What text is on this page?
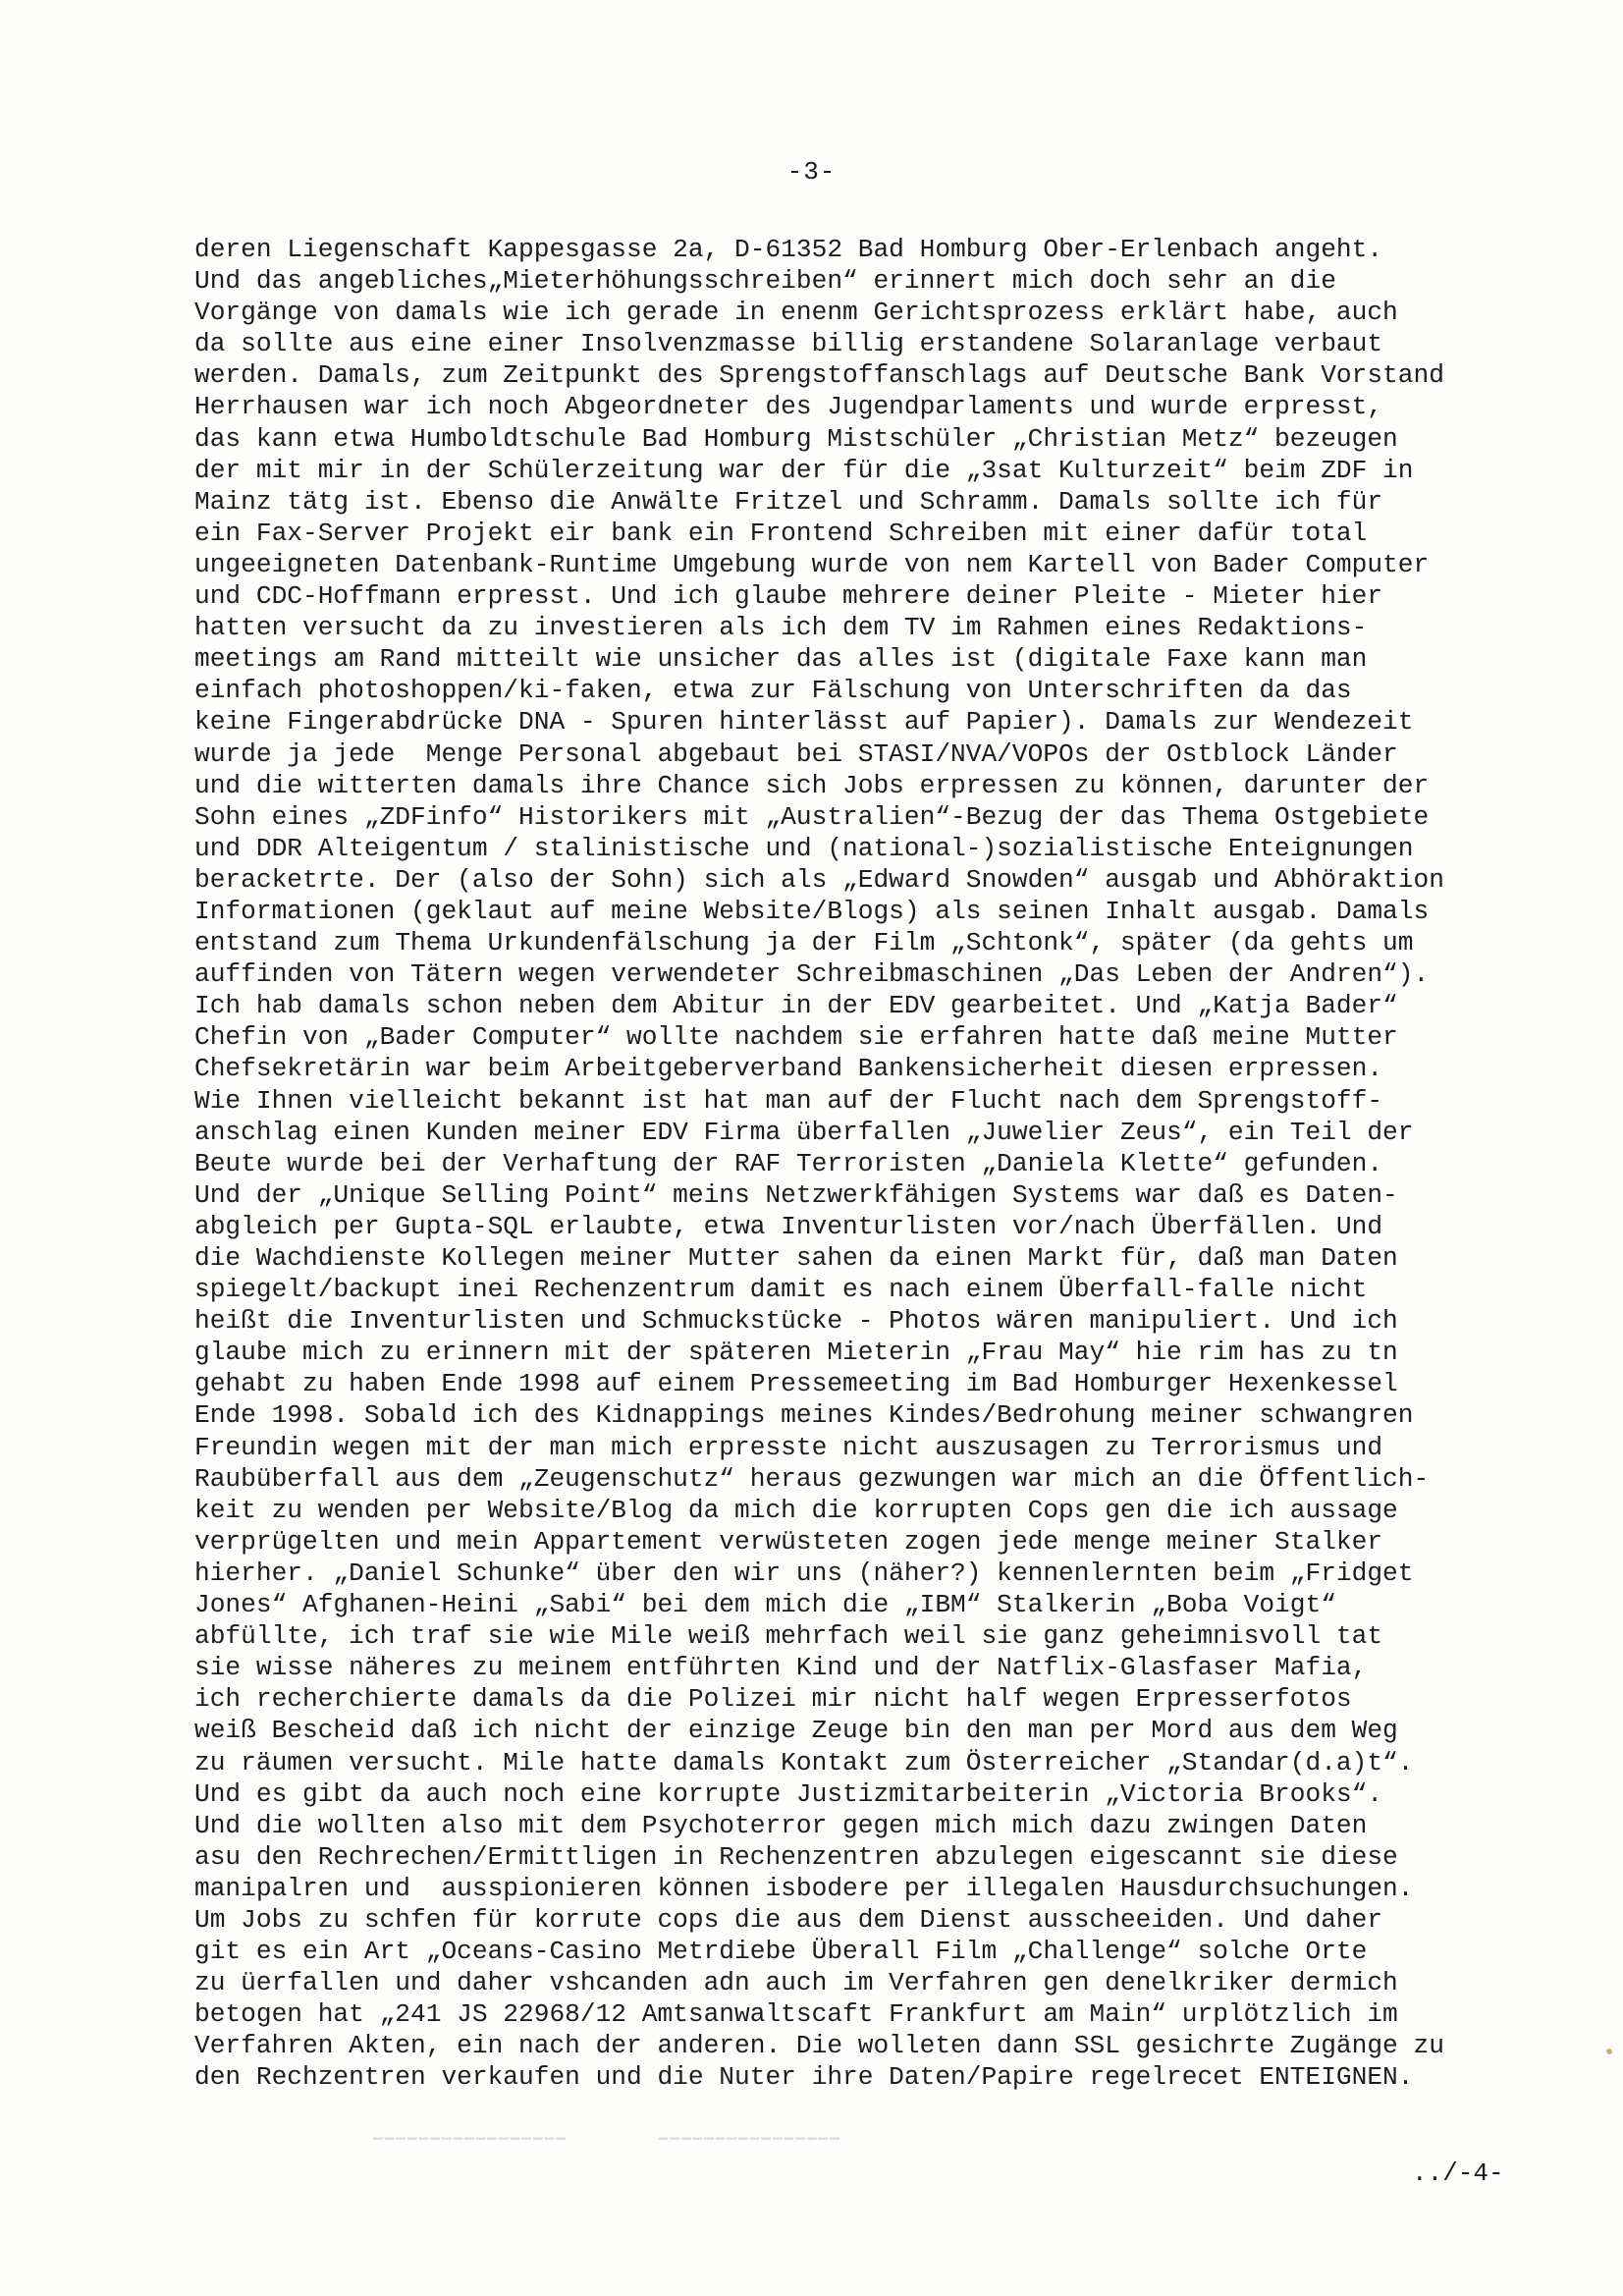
-3-
deren Liegenschaft Kappesgasse 2a, D-61352 Bad Homburg Ober-Erlenbach angeht.
Und das angebliches„Mieterhöhungsschreiben“ erinnert mich doch sehr an die
Vorgänge von damals wie ich gerade in enenm Gerichtsprozess erklärt habe, auch
da sollte aus eine einer Insolvenzmasse billig erstandene Solaranlage verbaut
werden. Damals, zum Zeitpunkt des Sprengstoffanschlags auf Deutsche Bank Vorstand
Herrhausen war ich noch Abgeordneter des Jugendparlaments und wurde erpresst,
das kann etwa Humboldtschule Bad Homburg Mistschüler „Christian Metz“ bezeugen
der mit mir in der Schülerzeitung war der für die „3sat Kulturzeit“ beim ZDF in
Mainz tätg ist. Ebenso die Anwälte Fritzel und Schramm. Damals sollte ich für
ein Fax-Server Projekt eir bank ein Frontend Schreiben mit einer dafür total
ungeeigneten Datenbank-Runtime Umgebung wurde von nem Kartell von Bader Computer
und CDC-Hoffmann erpresst. Und ich glaube mehrere deiner Pleite - Mieter hier
hatten versucht da zu investieren als ich dem TV im Rahmen eines Redaktions-
meetings am Rand mitteilt wie unsicher das alles ist (digitale Faxe kann man
einfach photoshoppen/ki-faken, etwa zur Fälschung von Unterschriften da das
keine Fingerabdrücke DNA - Spuren hinterlässt auf Papier). Damals zur Wendezeit
wurde ja jede  Menge Personal abgebaut bei STASI/NVA/VOPOs der Ostblock Länder
und die witterten damals ihre Chance sich Jobs erpressen zu können, darunter der
Sohn eines „ZDFinfo“ Historikers mit „Australien“-Bezug der das Thema Ostgebiete
und DDR Alteigentum / stalinistische und (national-)sozialistische Enteignungen
beracketrte. Der (also der Sohn) sich als „Edward Snowden“ ausgab und Abhöraktion
Informationen (geklaut auf meine Website/Blogs) als seinen Inhalt ausgab. Damals
entstand zum Thema Urkundenfälschung ja der Film „Schtonk“, später (da gehts um
auffinden von Tätern wegen verwendeter Schreibmaschinen „Das Leben der Andren“).
Ich hab damals schon neben dem Abitur in der EDV gearbeitet. Und „Katja Bader“
Chefin von „Bader Computer“ wollte nachdem sie erfahren hatte daß meine Mutter
Chefsekretärin war beim Arbeitgeberverband Bankensicherheit diesen erpressen.
Wie Ihnen vielleicht bekannt ist hat man auf der Flucht nach dem Sprengstoff-
anschlag einen Kunden meiner EDV Firma überfallen „Juwelier Zeus“, ein Teil der
Beute wurde bei der Verhaftung der RAF Terroristen „Daniela Klette“ gefunden.
Und der „Unique Selling Point“ meins Netzwerkfähigen Systems war daß es Daten-
abgleich per Gupta-SQL erlaubte, etwa Inventurlisten vor/nach Überfällen. Und
die Wachdienste Kollegen meiner Mutter sahen da einen Markt für, daß man Daten
spiegelt/backupt inei Rechenzentrum damit es nach einem Überfall-falle nicht
heißt die Inventurlisten und Schmuckstücke - Photos wären manipuliert. Und ich
glaube mich zu erinnern mit der späteren Mieterin „Frau May“ hie rim has zu tn
gehabt zu haben Ende 1998 auf einem Pressemeeting im Bad Homburger Hexenkessel
Ende 1998. Sobald ich des Kidnappings meines Kindes/Bedrohung meiner schwangren
Freundin wegen mit der man mich erpresste nicht auszusagen zu Terrorismus und
Raubüberfall aus dem „Zeugenschutz“ heraus gezwungen war mich an die Öffentlich-
keit zu wenden per Website/Blog da mich die korrupten Cops gen die ich aussage
verprügelten und mein Appartement verwüsteten zogen jede menge meiner Stalker
hierher. „Daniel Schunke“ über den wir uns (näher?) kennenlernten beim „Fridget
Jones“ Afghanen-Heini „Sabi“ bei dem mich die „IBM“ Stalkerin „Boba Voigt“
abfüllte, ich traf sie wie Mile weiß mehrfach weil sie ganz geheimnisvoll tat
sie wisse näheres zu meinem entführten Kind und der Natflix-Glasfaser Mafia,
ich recherchierte damals da die Polizei mir nicht half wegen Erpresserfotos
weiß Bescheid daß ich nicht der einzige Zeuge bin den man per Mord aus dem Weg
zu räumen versucht. Mile hatte damals Kontakt zum Österreicher „Standar(d.a)t“.
Und es gibt da auch noch eine korrupte Justizmitarbeiterin „Victoria Brooks“.
Und die wollten also mit dem Psychoterror gegen mich mich dazu zwingen Daten
asu den Rechrechen/Ermittligen in Rechenzentren abzulegen eigescannt sie diese
manipalren und  ausspionieren können isbodere per illegalen Hausdurchsuchungen.
Um Jobs zu schfen für korrute cops die aus dem Dienst ausscheeiden. Und daher
git es ein Art „Oceans-Casino Metrdiebe Überall Film „Challenge“ solche Orte
zu üerfallen und daher vshcanden adn auch im Verfahren gen denelkriker dermich
betogen hat „241 JS 22968/12 Amtsanwaltscaft Frankfurt am Main“ urplötzlich im
Verfahren Akten, ein nach der anderen. Die wolleten dann SSL gesichrte Zugänge zu
den Rechzentren verkaufen und die Nuter ihre Daten/Papire regelrecet ENTEIGNEN.
▁▁▁▁▁▁▁▁▁▁▁▁▁▁▁▁▁        ▁▁▁▁▁▁▁▁▁▁▁▁▁▁▁▁
../-4-
